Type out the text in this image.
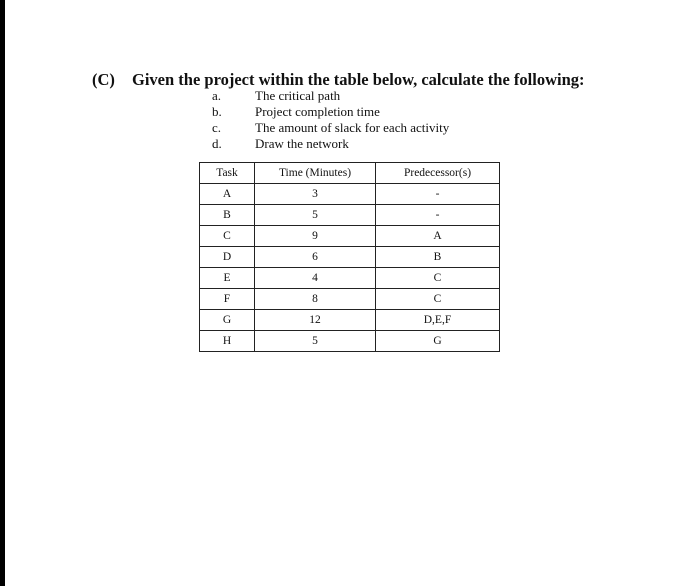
(C) Given the project within the table below, calculate the following:
a.	The critical path
b.	Project completion time
c.	The amount of slack for each activity
d.	Draw the network
Task	Time (Minutes)	Predecessor(s)
A	3	-
B	5	-
C	9	A
D	6	B
E	4	C
F	8	C
G	12	D,E,F
H	5	G
